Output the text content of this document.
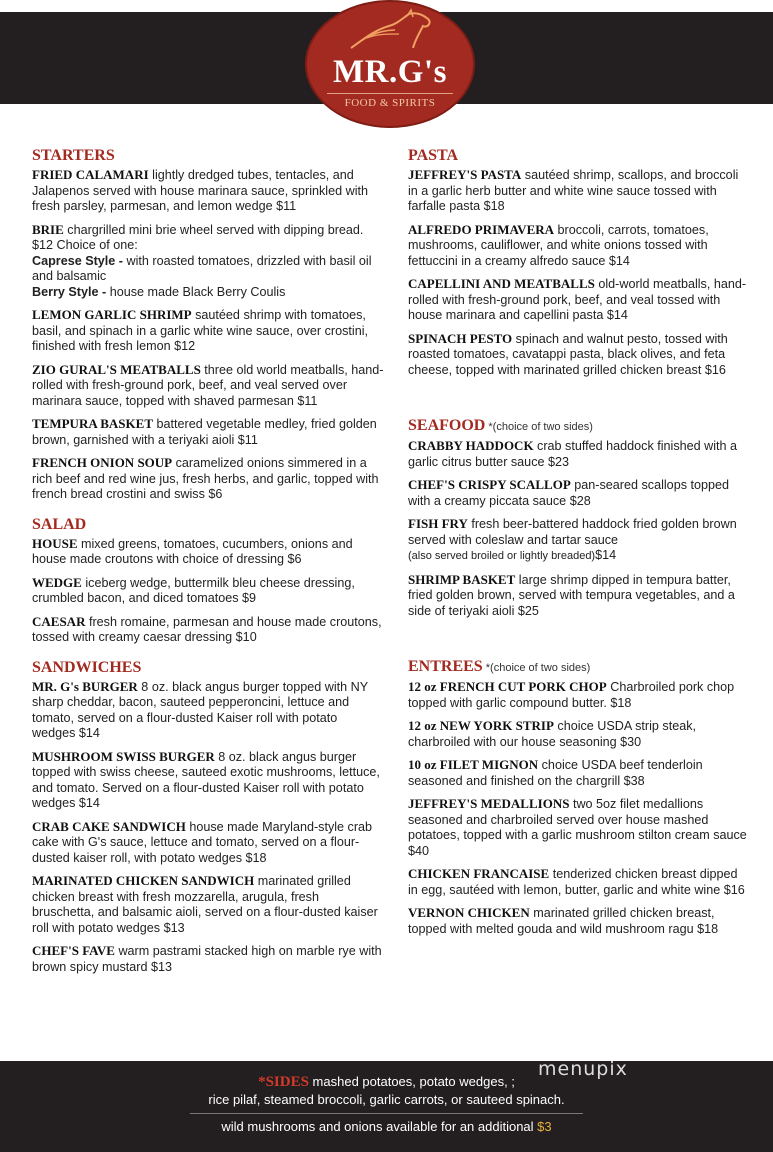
MR.G's
FOOD & SPIRITS
STARTERS
FRIED CALAMARI lightly dredged tubes, tentacles, and Jalapenos served with house marinara sauce, sprinkled with fresh parsley, parmesan, and lemon wedge $11
BRIE chargrilled mini brie wheel served with dipping bread. $12 Choice of one:
Caprese Style - with roasted tomatoes, drizzled with basil oil and balsamic
Berry Style - house made Black Berry Coulis
LEMON GARLIC SHRIMP sautéed shrimp with tomatoes, basil, and spinach in a garlic white wine sauce, over crostini, finished with fresh lemon $12
ZIO GURAL'S MEATBALLS three old world meatballs, hand-rolled with fresh-ground pork, beef, and veal served over marinara sauce, topped with shaved parmesan $11
TEMPURA BASKET battered vegetable medley, fried golden brown, garnished with a teriyaki aioli $11
FRENCH ONION SOUP caramelized onions simmered in a rich beef and red wine jus, fresh herbs, and garlic, topped with french bread crostini and swiss $6
SALAD
HOUSE mixed greens, tomatoes, cucumbers, onions and house made croutons with choice of dressing $6
WEDGE iceberg wedge, buttermilk bleu cheese dressing, crumbled bacon, and diced tomatoes $9
CAESAR fresh romaine, parmesan and house made croutons, tossed with creamy caesar dressing $10
SANDWICHES
MR. G's BURGER 8 oz. black angus burger topped with NY sharp cheddar, bacon, sauteed pepperoncini, lettuce and tomato, served on a flour-dusted Kaiser roll with potato wedges $14
MUSHROOM SWISS BURGER 8 oz. black angus burger topped with swiss cheese, sauteed exotic mushrooms, lettuce, and tomato. Served on a flour-dusted Kaiser roll with potato wedges $14
CRAB CAKE SANDWICH house made Maryland-style crab cake with G's sauce, lettuce and tomato, served on a flour-dusted kaiser roll, with potato wedges $18
MARINATED CHICKEN SANDWICH marinated grilled chicken breast with fresh mozzarella, arugula, fresh bruschetta, and balsamic aioli, served on a flour-dusted kaiser roll with potato wedges $13
CHEF'S FAVE warm pastrami stacked high on marble rye with brown spicy mustard $13
PASTA
JEFFREY'S PASTA sautéed shrimp, scallops, and broccoli in a garlic herb butter and white wine sauce tossed with farfalle pasta $18
ALFREDO PRIMAVERA broccoli, carrots, tomatoes, mushrooms, cauliflower, and white onions tossed with fettuccini in a creamy alfredo sauce $14
CAPELLINI AND MEATBALLS old-world meatballs, hand-rolled with fresh-ground pork, beef, and veal tossed with house marinara and capellini pasta $14
SPINACH PESTO spinach and walnut pesto, tossed with roasted tomatoes, cavatappi pasta, black olives, and feta cheese, topped with marinated grilled chicken breast $16
SEAFOOD *(choice of two sides)
CRABBY HADDOCK crab stuffed haddock finished with a garlic citrus butter sauce $23
CHEF'S CRISPY SCALLOP pan-seared scallops topped with a creamy piccata sauce $28
FISH FRY fresh beer-battered haddock fried golden brown served with coleslaw and tartar sauce
(also served broiled or lightly breaded)$14
SHRIMP BASKET large shrimp dipped in tempura batter, fried golden brown, served with tempura vegetables, and a side of teriyaki aioli $25
ENTREES *(choice of two sides)
12 oz FRENCH CUT PORK CHOP Charbroiled pork chop topped with garlic compound butter. $18
12 oz NEW YORK STRIP choice USDA strip steak, charbroiled with our house seasoning $30
10 oz FILET MIGNON choice USDA beef tenderloin seasoned and finished on the chargrill $38
JEFFREY'S MEDALLIONS two 5oz filet medallions seasoned and charbroiled served over house mashed potatoes, topped with a garlic mushroom stilton cream sauce $40
CHICKEN FRANCAISE tenderized chicken breast dipped in egg, sautéed with lemon, butter, garlic and white wine $16
VERNON CHICKEN marinated grilled chicken breast, topped with melted gouda and wild mushroom ragu $18
*SIDES mashed potatoes, potato wedges, ;
rice pilaf, steamed broccoli, garlic carrots, or sauteed spinach.
wild mushrooms and onions available for an additional $3
menupix
